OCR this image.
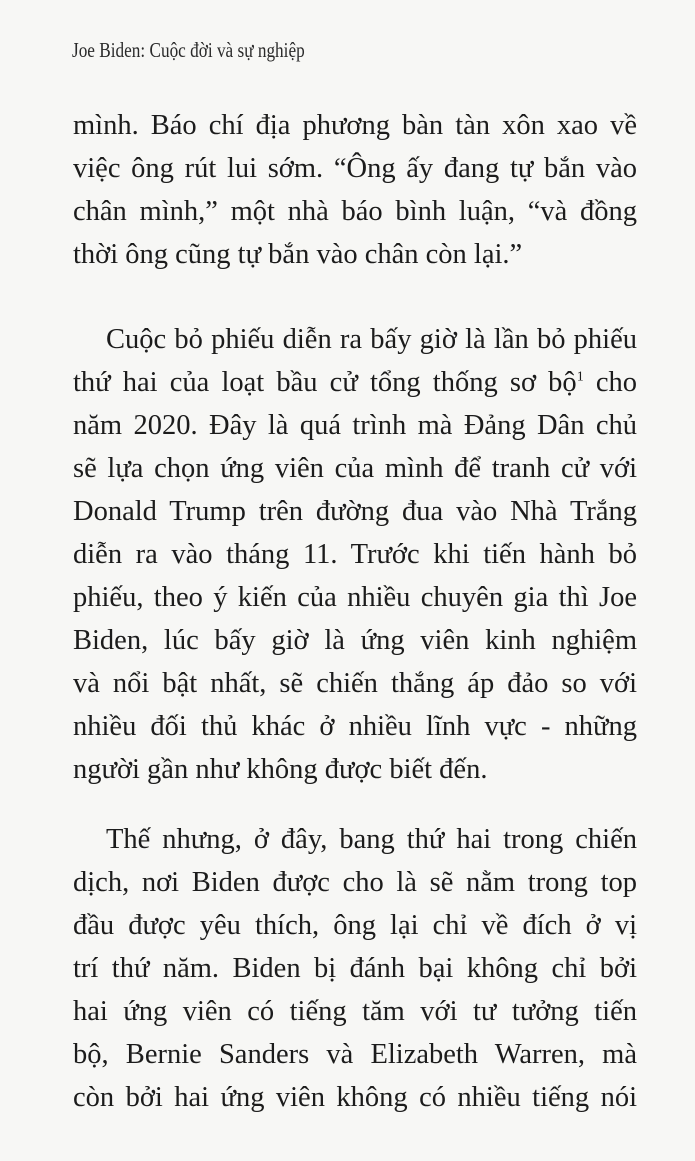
Joe Biden: Cuộc đời và sự nghiệp
mình. Báo chí địa phương bàn tàn xôn xao về
việc ông rút lui sớm. “Ông ấy đang tự bắn vào
chân mình,” một nhà báo bình luận, “và đồng
thời ông cũng tự bắn vào chân còn lại.”
Cuộc bỏ phiếu diễn ra bấy giờ là lần bỏ phiếu
thứ hai của loạt bầu cử tổng thống sơ bộ$^1$ cho
năm 2020. Đây là quá trình mà Đảng Dân chủ
sẽ lựa chọn ứng viên của mình để tranh cử với
Donald Trump trên đường đua vào Nhà Trắng
diễn ra vào tháng 11. Trước khi tiến hành bỏ
phiếu, theo ý kiến của nhiều chuyên gia thì Joe
Biden, lúc bấy giờ là ứng viên kinh nghiệm
và nổi bật nhất, sẽ chiến thắng áp đảo so với
nhiều đối thủ khác ở nhiều lĩnh vực - những
người gần như không được biết đến.
Thế nhưng, ở đây, bang thứ hai trong chiến
dịch, nơi Biden được cho là sẽ nằm trong top
đầu được yêu thích, ông lại chỉ về đích ở vị
trí thứ năm. Biden bị đánh bại không chỉ bởi
hai ứng viên có tiếng tăm với tư tưởng tiến
bộ, Bernie Sanders và Elizabeth Warren, mà
còn bởi hai ứng viên không có nhiều tiếng nói
